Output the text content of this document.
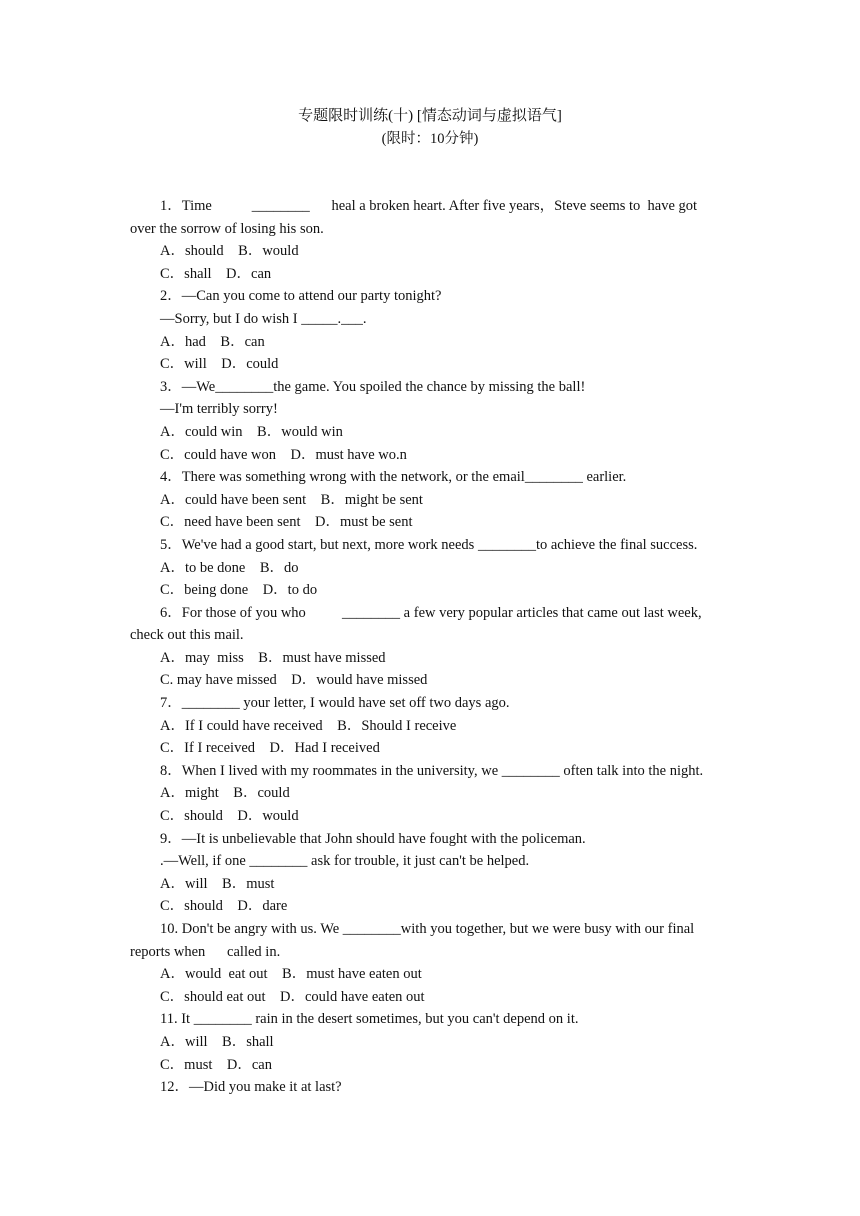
专题限时训练(十) [情态动词与虚拟语气]
(限时：10分钟)
1．Time           ________      heal a broken heart. After five years，Steve seems to  have got
over the sorrow of losing his son.
A．should    B．would
C．shall    D．can
2．—Can you come to attend our party tonight?
—Sorry, but I do wish I _____.___.
A．had    B．can
C．will    D．could
3．—We________the game. You spoiled the chance by missing the ball!
—I'm terribly sorry!
A．could win    B．would win
C．could have won    D．must have wo.n
4．There was something wrong with the network, or the email________ earlier.
A．could have been sent    B．might be sent
C．need have been sent    D．must be sent
5．We've had a good start, but next, more work needs ________to achieve the final success.
A．to be done    B．do
C．being done    D．to do
6．For those of you who          ________ a few very popular articles that came out last week,
check out this mail.
A．may  miss    B．must have missed
C. may have missed    D．would have missed
7．________ your letter, I would have set off two days ago.
A．If I could have received    B．Should I receive
C．If I received    D．Had I received
8．When I lived with my roommates in the university, we ________ often talk into the night.
A．might    B．could
C．should    D．would
9．—It is unbelievable that John should have fought with the policeman.
.—Well, if one ________ ask for trouble, it just can't be helped.
A．will    B．must
C．should    D．dare
10. Don't be angry with us. We ________with you together, but we were busy with our final
reports when      called in.
A．would  eat out    B．must have eaten out
C．should eat out    D．could have eaten out
11. It ________ rain in the desert sometimes, but you can't depend on it.
A．will    B．shall
C．must    D．can
12．—Did you make it at last?
